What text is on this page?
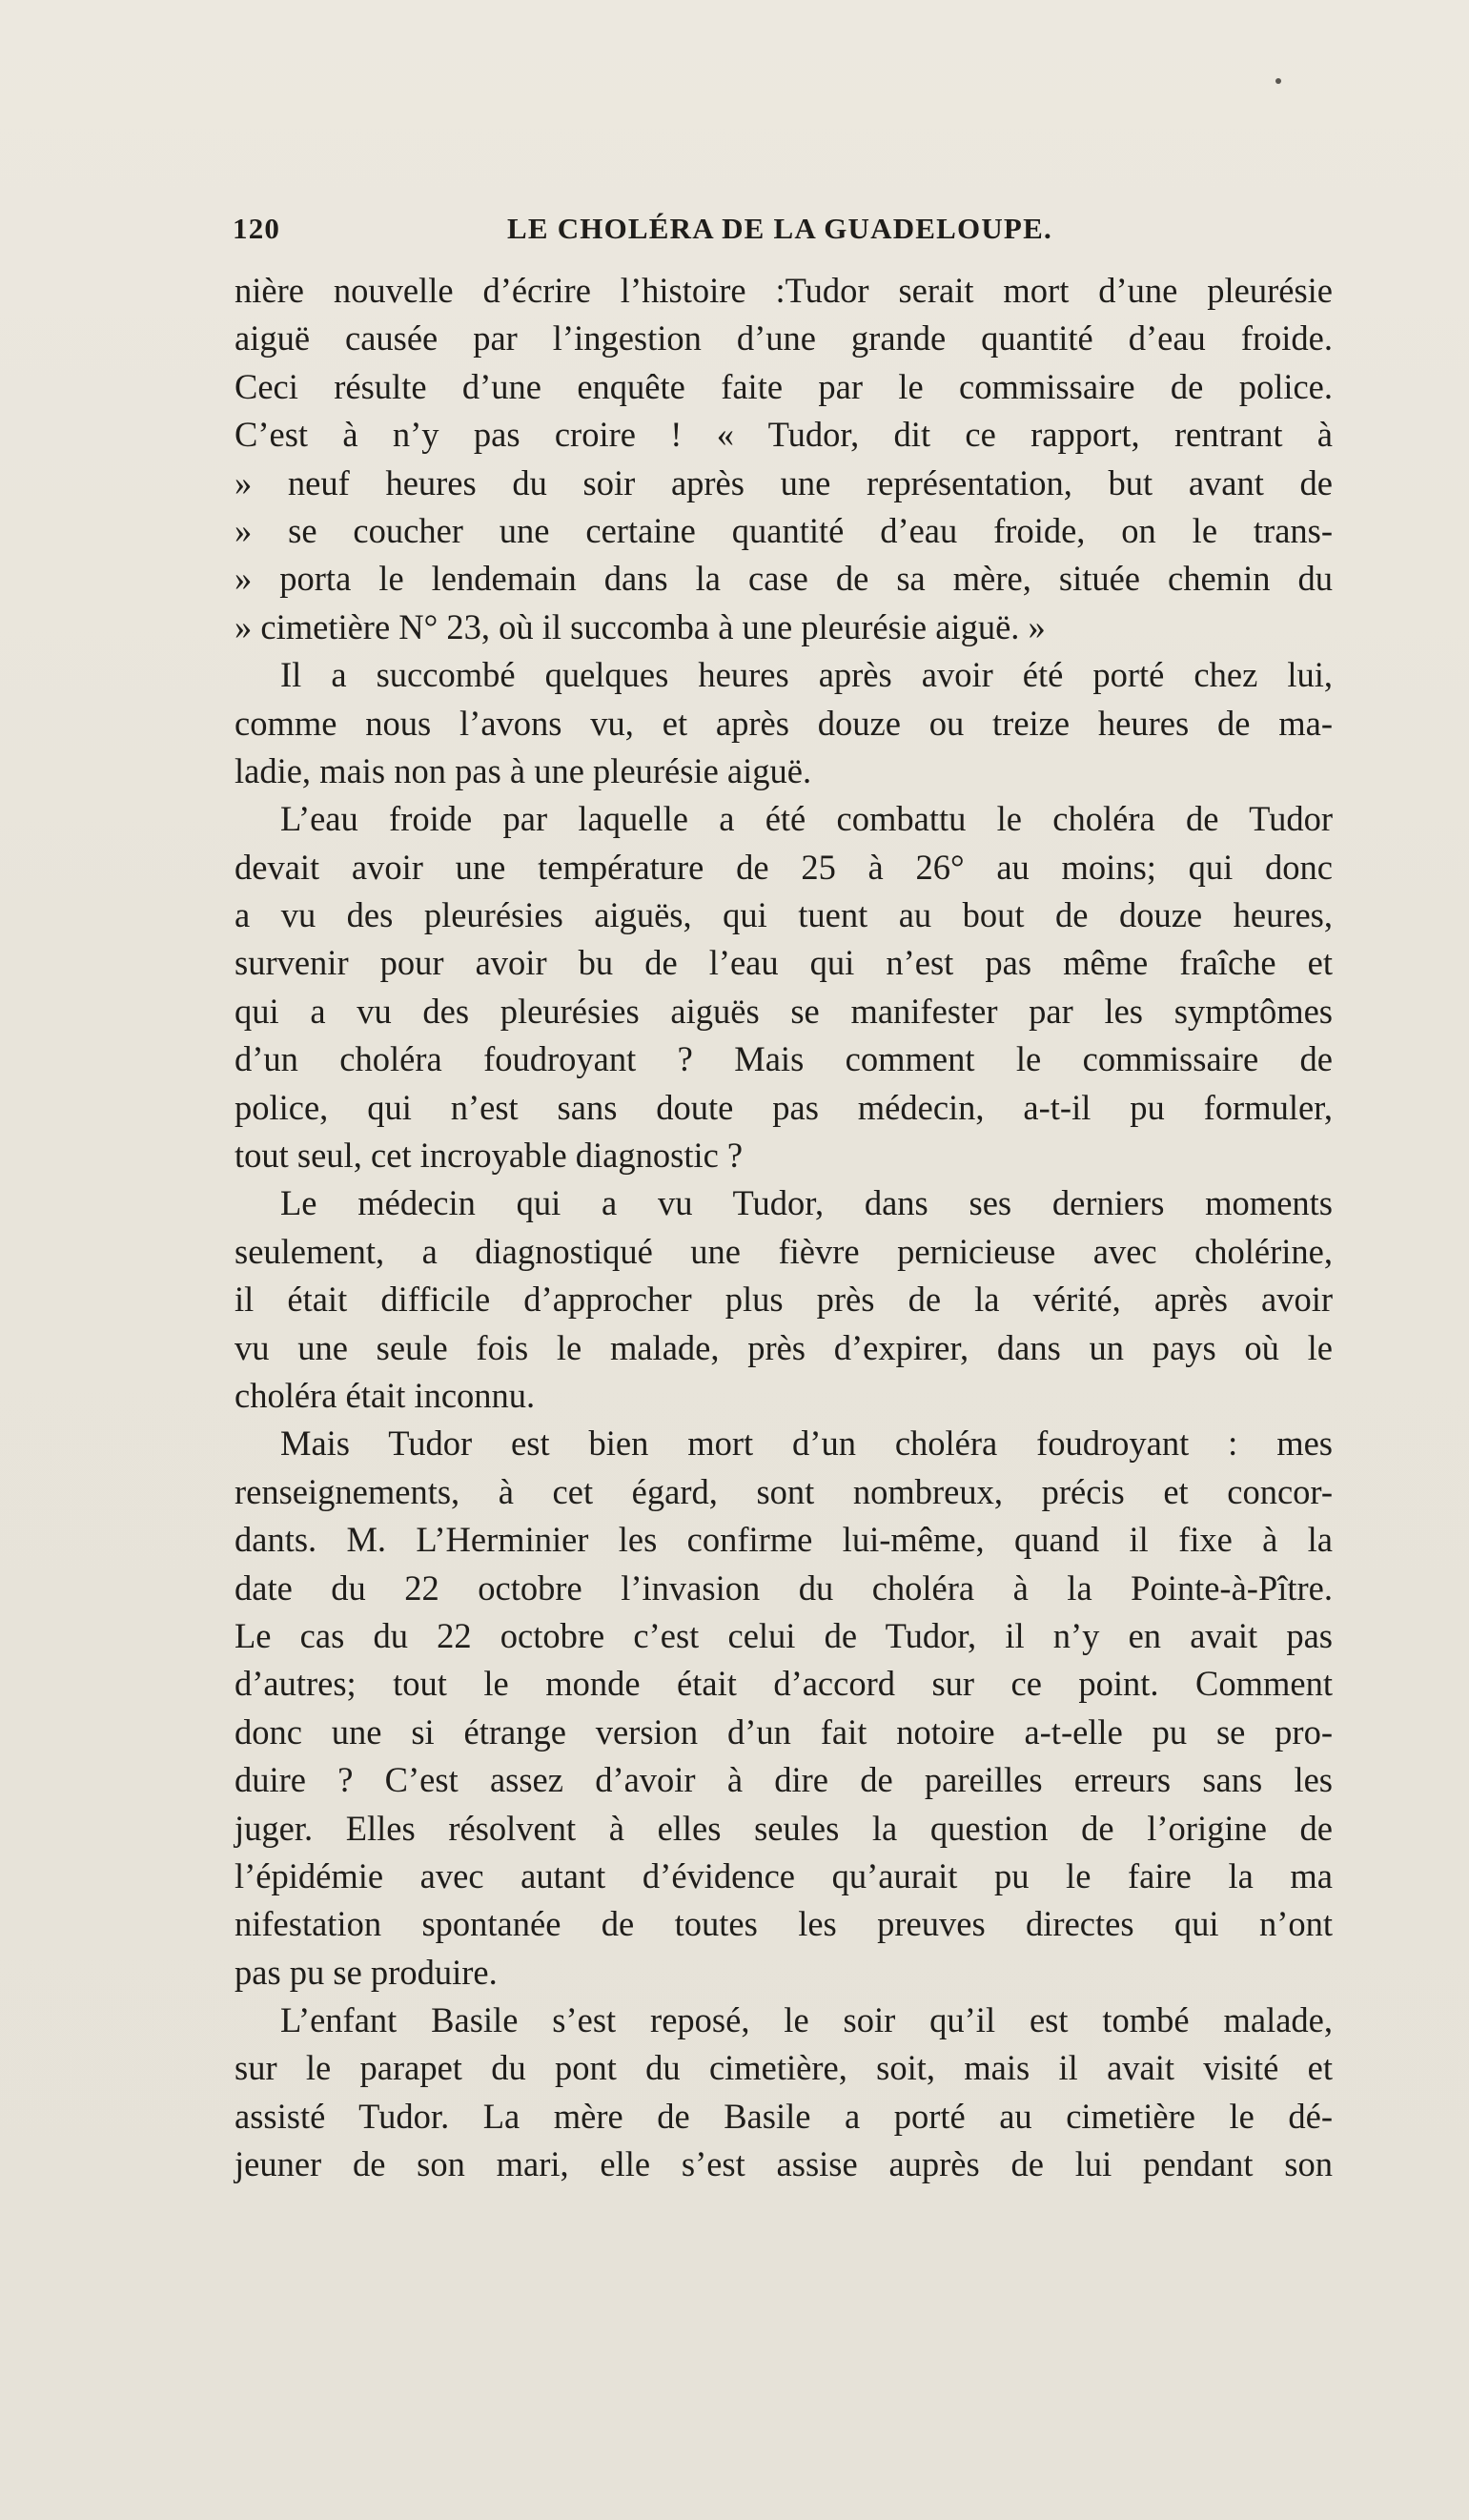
120	LE CHOLÉRA DE LA GUADELOUPE.
nière nouvelle d’écrire l’histoire :Tudor serait mort d’une pleurésie
aiguë causée par l’ingestion d’une grande quantité d’eau froide.
Ceci résulte d’une enquête faite par le commissaire de police.
C’est à n’y pas croire ! « Tudor, dit ce rapport, rentrant à
» neuf heures du soir après une représentation, but avant de
» se coucher une certaine quantité d’eau froide, on le trans-
» porta le lendemain dans la case de sa mère, située chemin du
» cimetière N° 23, où il succomba à une pleurésie aiguë. »
Il a succombé quelques heures après avoir été porté chez lui,
comme nous l’avons vu, et après douze ou treize heures de ma-
ladie, mais non pas à une pleurésie aiguë.
L’eau froide par laquelle a été combattu le choléra de Tudor
devait avoir une température de 25 à 26° au moins; qui donc
a vu des pleurésies aiguës, qui tuent au bout de douze heures,
survenir pour avoir bu de l’eau qui n’est pas même fraîche et
qui a vu des pleurésies aiguës se manifester par les symptômes
d’un choléra foudroyant ? Mais comment le commissaire de
police, qui n’est sans doute pas médecin, a-t-il pu formuler,
tout seul, cet incroyable diagnostic ?
Le médecin qui a vu Tudor, dans ses derniers moments
seulement, a diagnostiqué une fièvre pernicieuse avec cholérine,
il était difficile d’approcher plus près de la vérité, après avoir
vu une seule fois le malade, près d’expirer, dans un pays où le
choléra était inconnu.
Mais Tudor est bien mort d’un choléra foudroyant : mes
renseignements, à cet égard, sont nombreux, précis et concor-
dants. M. L’Herminier les confirme lui-même, quand il fixe à la
date du 22 octobre l’invasion du choléra à la Pointe-à-Pître.
Le cas du 22 octobre c’est celui de Tudor, il n’y en avait pas
d’autres; tout le monde était d’accord sur ce point. Comment
donc une si étrange version d’un fait notoire a-t-elle pu se pro-
duire ? C’est assez d’avoir à dire de pareilles erreurs sans les
juger. Elles résolvent à elles seules la question de l’origine de
l’épidémie avec autant d’évidence qu’aurait pu le faire la ma
nifestation spontanée de toutes les preuves directes qui n’ont
pas pu se produire.
L’enfant Basile s’est reposé, le soir qu’il est tombé malade,
sur le parapet du pont du cimetière, soit, mais il avait visité et
assisté Tudor. La mère de Basile a porté au cimetière le dé-
jeuner de son mari, elle s’est assise auprès de lui pendant son
